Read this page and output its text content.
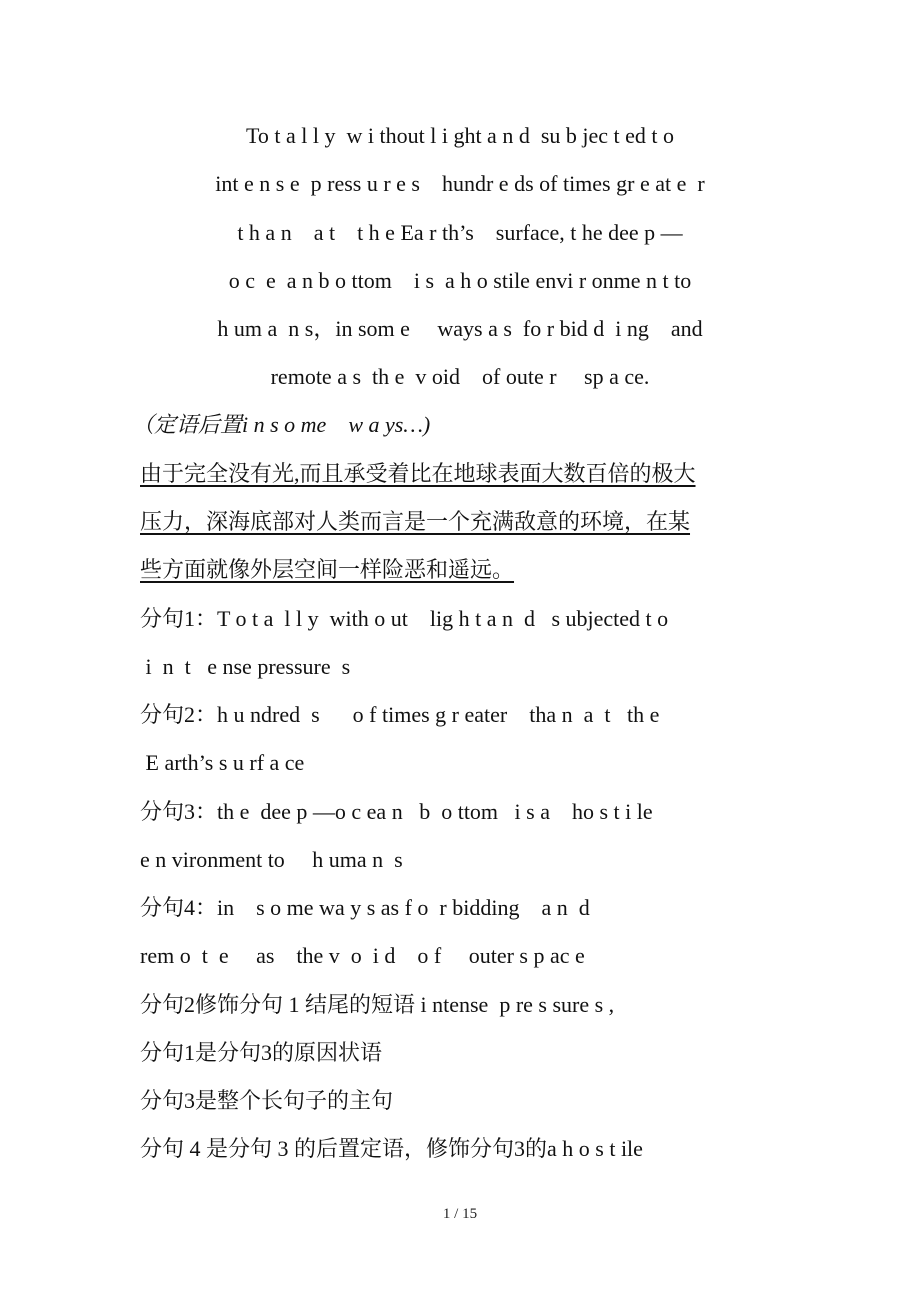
To t a l l y  w i thout l i ght a n d  su b jec t ed t o
int e n s e  p ress u r e s    hundr e ds of times gr e at e  r
t h a n    a t    t h e Ea r th’s    surface, t he dee p —
o c  e  a n b o ttom    i s  a h o stile envi r onme n t to
h um a  n s，in som e     ways a s  fo r bid d  i ng    and
remote a s  th e  v oid    of oute r     sp a ce.
（定语后置i n s o me    w a ys…)
由于完全没有光,而且承受着比在地球表面大数百倍的极大
压力，深海底部对人类而言是一个充满敌意的环境，在某
些方面就像外层空间一样险恶和遥远。
分句1：T o t a  l l y  with o ut    lig h t a n  d   s ubjected t o
i  n  t   e nse pressure  s
分句2：h u ndred  s      o f times g r eater    tha n  a  t   th e
E arth’s s u rf a ce
分句3：th e  dee p —o c ea n   b  o ttom   i s a    ho s t i le
e n vironment to     h uma n  s
分句4：in    s o me wa y s as f o  r bidding    a n  d
rem o  t  e     as    the v  o  i d    o f     outer s p ac e
分句2修饰分句 1 结尾的短语 i ntense  p re s sure s ,
分句1是分句3的原因状语
分句3是整个长句子的主句
分句 4 是分句 3 的后置定语，修饰分句3的a h o s t ile
1 / 15
